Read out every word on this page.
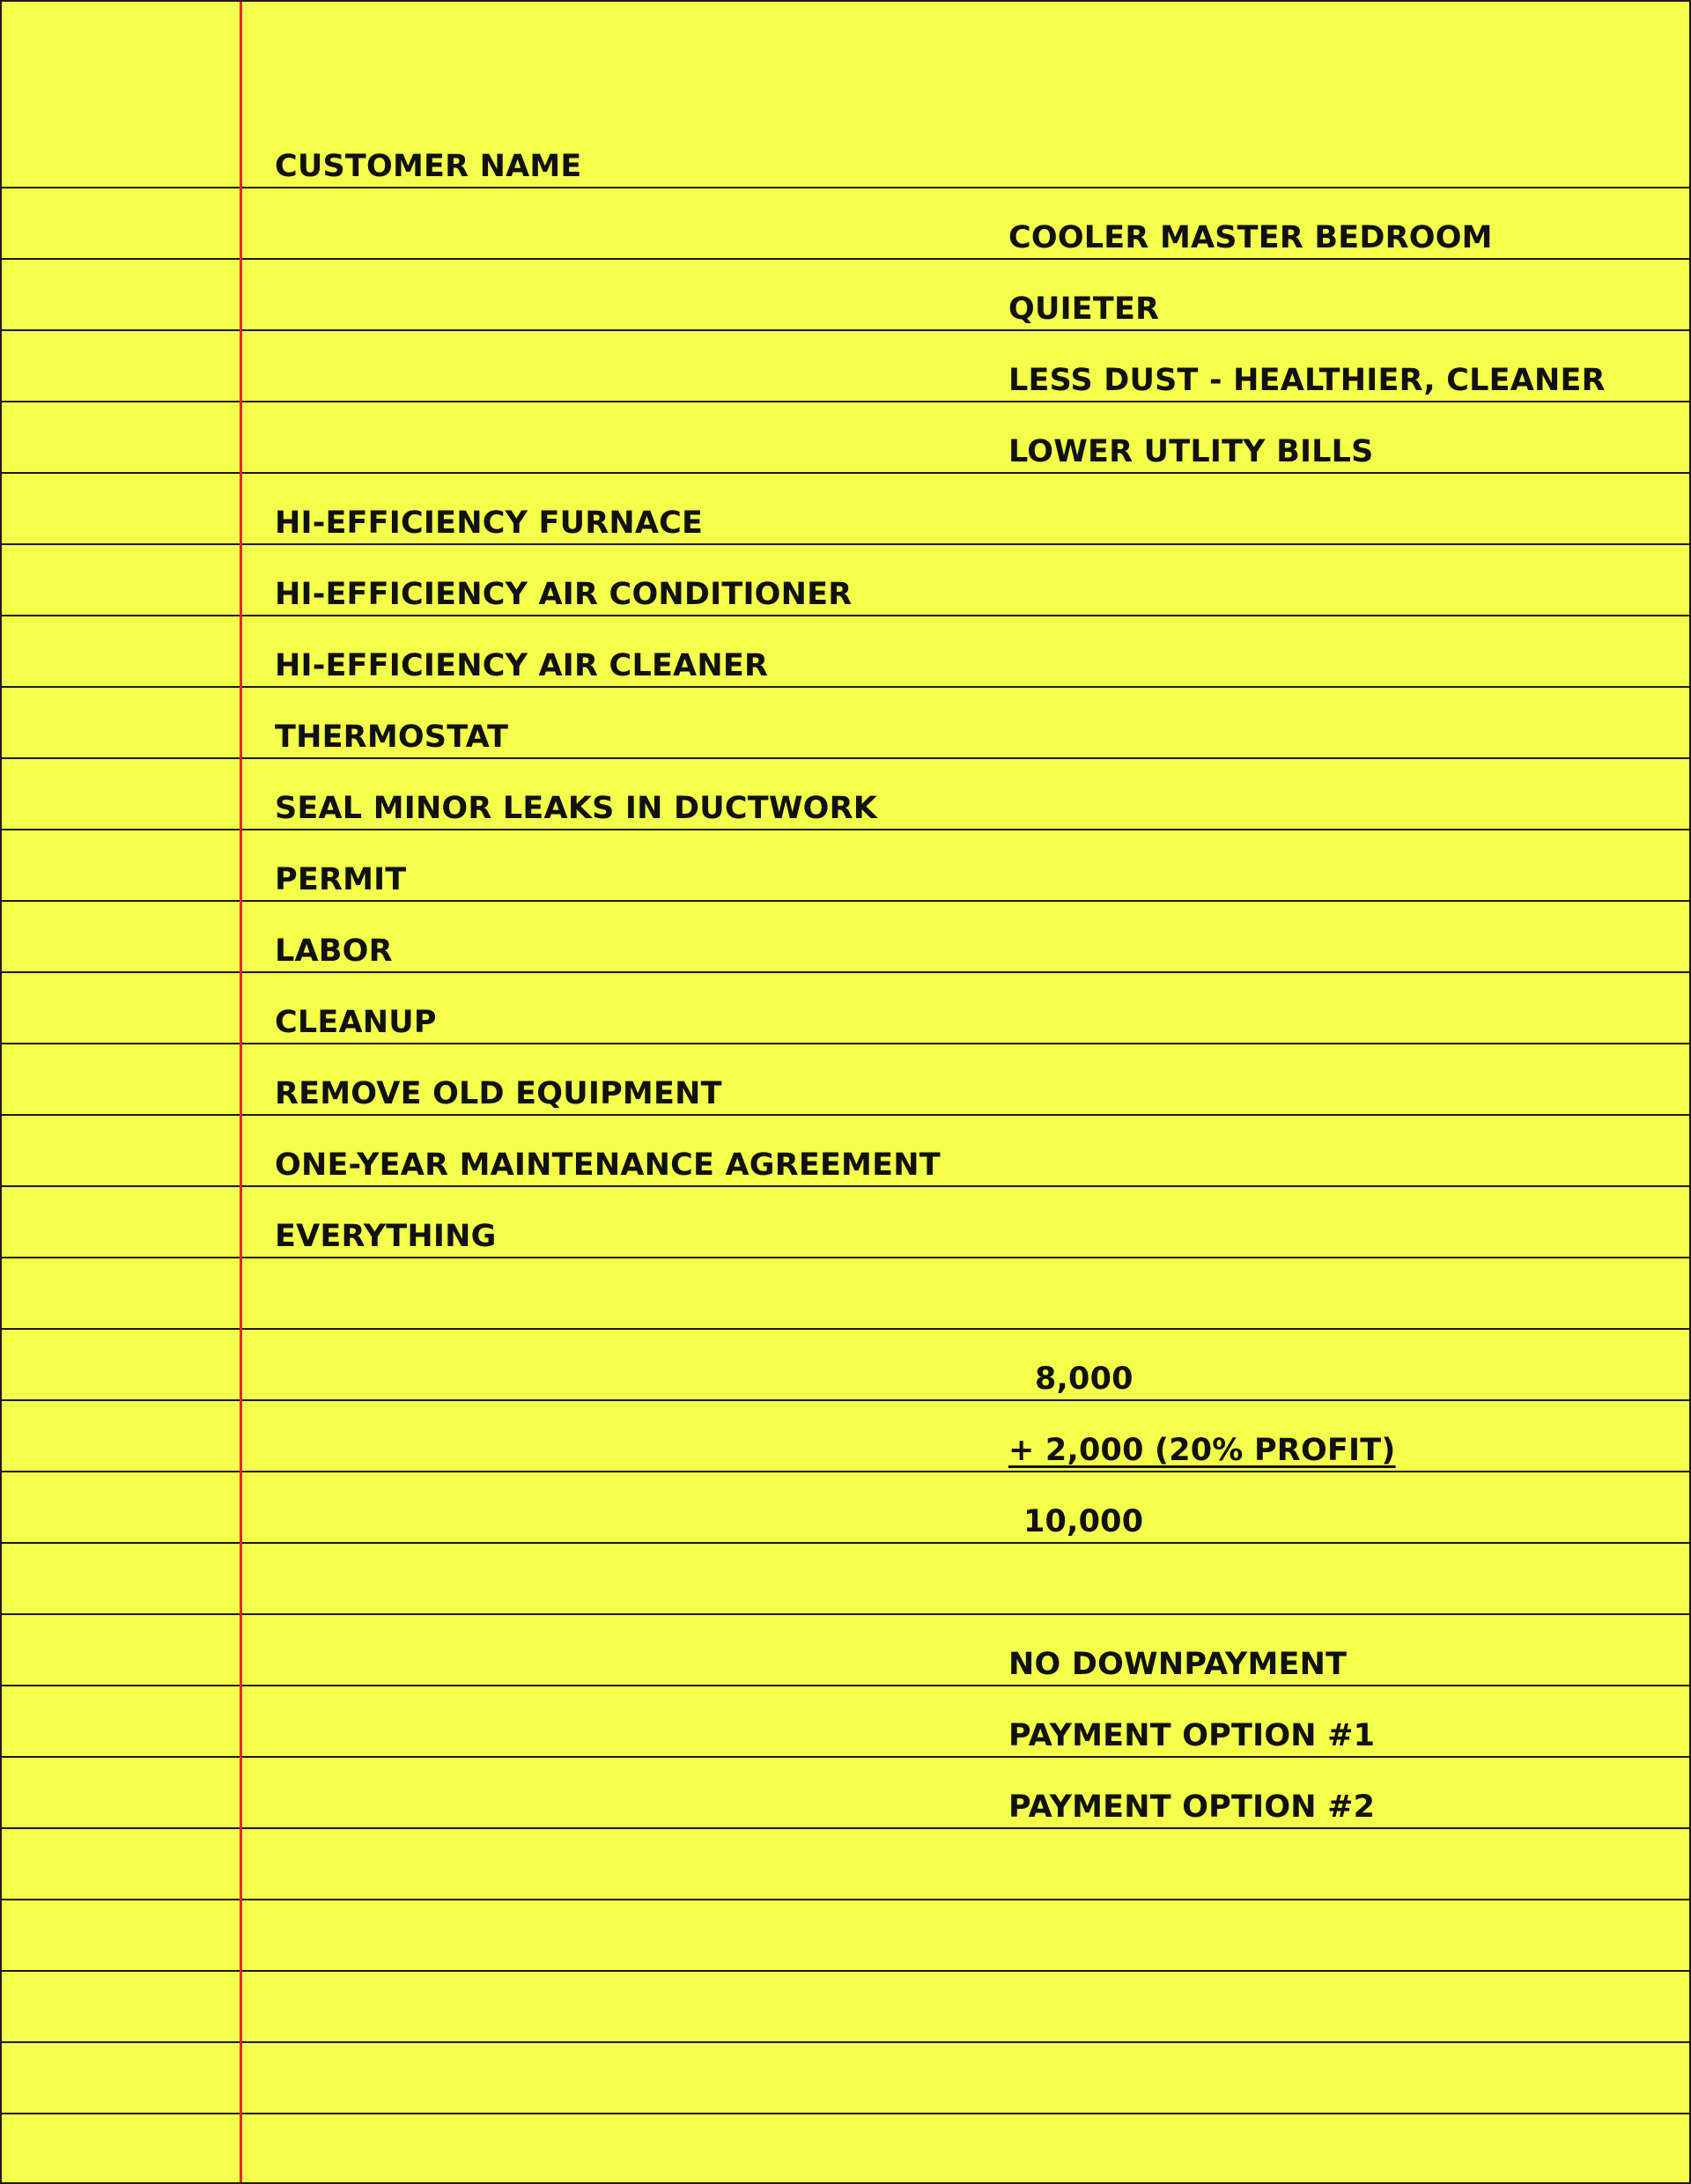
CUSTOMER NAME

COOLER MASTER BEDROOM

QUIETER

LESS DUST - HEALTHIER, CLEANER

LOWER UTLITY BILLS

HI-EFFICIENCY FURNACE

HI-EFFICIENCY AIR CONDITIONER

HI-EFFICIENCY AIR CLEANER

THERMOSTAT

SEAL MINOR LEAKS IN DUCTWORK

PERMIT

LABOR

CLEANUP

REMOVE OLD EQUIPMENT

ONE-YEAR MAINTENANCE AGREEMENT

EVERYTHING

8,000

+ 2,000 (20% PROFIT)

10,000

NO DOWNPAYMENT

PAYMENT OPTION #1

PAYMENT OPTION #2
